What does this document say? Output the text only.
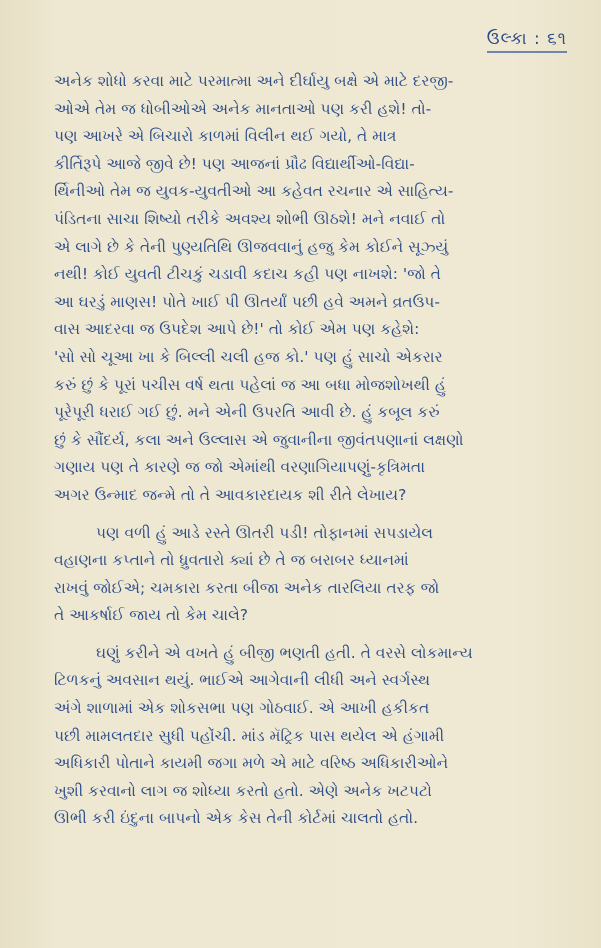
ઉલ્કા : ૬૧
અનેક શોધો કરવા માટે પરમાત્મા અને દીર્ઘાયુ બક્ષે એ માટે દરજી-
ઓએ તેમ જ ધોબીઓએ અનેક માનતાઓ પણ કરી હશે! તો-
પણ આખરે એ બિચારો કાળમાં વિલીન થઈ ગયો, તે માત્ર
કીર્તિરૂપે આજે જીવે છે! પણ આજનાં પ્રૌઢ વિદ્યાર્થીઓ-વિદ્યા-
ર્થિનીઓ તેમ જ યુવક-યુવતીઓ આ કહેવત રચનાર એ સાહિત્ય-
પંડિતના સાચા શિષ્યો તરીકે અવશ્ય શોભી ઊઠશે! મને નવાઈ તો
એ લાગે છે કે તેની પુણ્યતિથિ ઊજવવાનું હજુ કેમ કોઈને સૂઝ્યું
નથી! કોઈ યુવતી ટીચકું ચડાવી કદાચ કહી પણ નાખશે: 'જો તે
આ ઘરડું માણસ! પોતે ખાઈ પી ઊતર્યાં પછી હવે અમને વ્રતઉપ-
વાસ આદરવા જ ઉપદેશ આપે છે!' તો કોઈ એમ પણ કહેશે:
'સો સો ચૂઆ ખા કે બિલ્લી ચલી હજ કો.' પણ હું સાચો એકરાર
કરું છું કે પૂરાં પચીસ વર્ષ થતા પહેલાં જ આ બધા મોજશોખથી હું
પૂરેપૂરી ધરાઈ ગઈ છું. મને એની ઉપરતિ આવી છે. હું કબૂલ કરું
છું કે સૌંદર્ય, કલા અને ઉલ્લાસ એ જુવાનીના જીવંતપણાનાં લક્ષણો
ગણાય પણ તે કારણે જ જો એમાંથી વરણાગિયાપણું-કૃત્રિમતા
અગર ઉન્માદ જન્મે તો તે આવકારદાયક શી રીતે લેખાય?
પણ વળી હું આડે રસ્તે ઊતરી પડી! તોફાનમાં સપડાયેલ
વહાણના કપ્તાને તો ધ્રુવતારો ક્યાં છે તે જ બરાબર ધ્યાનમાં
રાખવું જોઈએ; ચમકારા કરતા બીજા અનેક તારલિયા તરફ જો
તે આકર્ષાઈ જાય તો કેમ ચાલે?
ઘણું કરીને એ વખતે હું બીજી ભણતી હતી. તે વરસે લોકમાન્ય
ટિળકનું અવસાન થયું. ભાઈએ આગેવાની લીધી અને સ્વર્ગસ્થ
અંગે શાળામાં એક શોકસભા પણ ગોઠવાઈ. એ આખી હકીકત
પછી મામલતદાર સુધી પહોંચી. માંડ મૅટ્રિક પાસ થયેલ એ હંગામી
અધિકારી પોતાને કાયમી જગા મળે એ માટે વરિષ્ઠ અધિકારીઓને
ખુશી કરવાનો લાગ જ શોધ્યા કરતો હતો. એણે અનેક ખટપટો
ઊભી કરી ઇંદુના બાપનો એક કેસ તેની કોર્ટમાં ચાલતો હતો.
